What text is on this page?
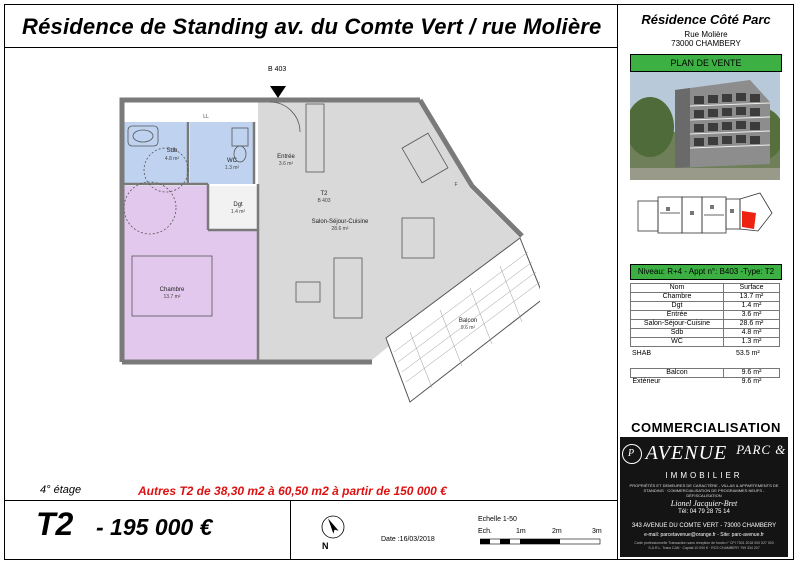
Résidence de Standing av. du Comte Vert / rue Molière	Résidence Côté Parc
Rue Molière
73000 CHAMBERY
PLAN DE VENTE
Niveau: R+4 - Appt n°: B403 -Type: T2
Nom	Surface
Chambre	13.7 m²
Dgt	1.4 m²
Entrée	3.6 m²
Salon-Séjour-Cuisine	28.6 m²
Sdb	4.8 m²
WC	1.3 m²
SHAB	53.5 m²
Balcon	9.6 m²
Extérieur	9.6 m²
COMMERCIALISATION
P AVENUE $^{PARC \&}$
IMMOBILIER
PROPRIÉTÉS ET DEMEURES DE CARACTÈRE - VILLAS & APPARTEMENTS DE STANDING · COMMERCIALISATION DE PROGRAMMES NEUFS - DÉFISCALISATION
Lionel Jacquier-Bret
Tél: 04 79 28 75 14
343 AVENUE DU COMTE VERT - 73000 CHAMBERY
e-mail: parcetavenue@orange.fr - Site: parc-avenue.fr
Carte professionnelle Transaction sans réception de fonds n° CPI 7301 2018 000 027 003
S.A.R.L. Trans CAN · Capital 10 000 € · RCS CHAMBERY 799 334 207
B 403
LL
F
Sdb
4.8 m²	WC
1.3 m²
Entrée
3.6 m²
Dgt
1.4 m²
T2
B 403
Salon-Séjour-Cuisine
28.6 m²
Chambre
13.7 m²
Balcon
9.6 m²
4° étage	Autres T2 de 38,30 m2 à 60,50 m2 à partir de 150 000 €
T2 - 195 000 €
N
Date :16/03/2018
Echelle 1-50
Ech.	1m	2m	3m
